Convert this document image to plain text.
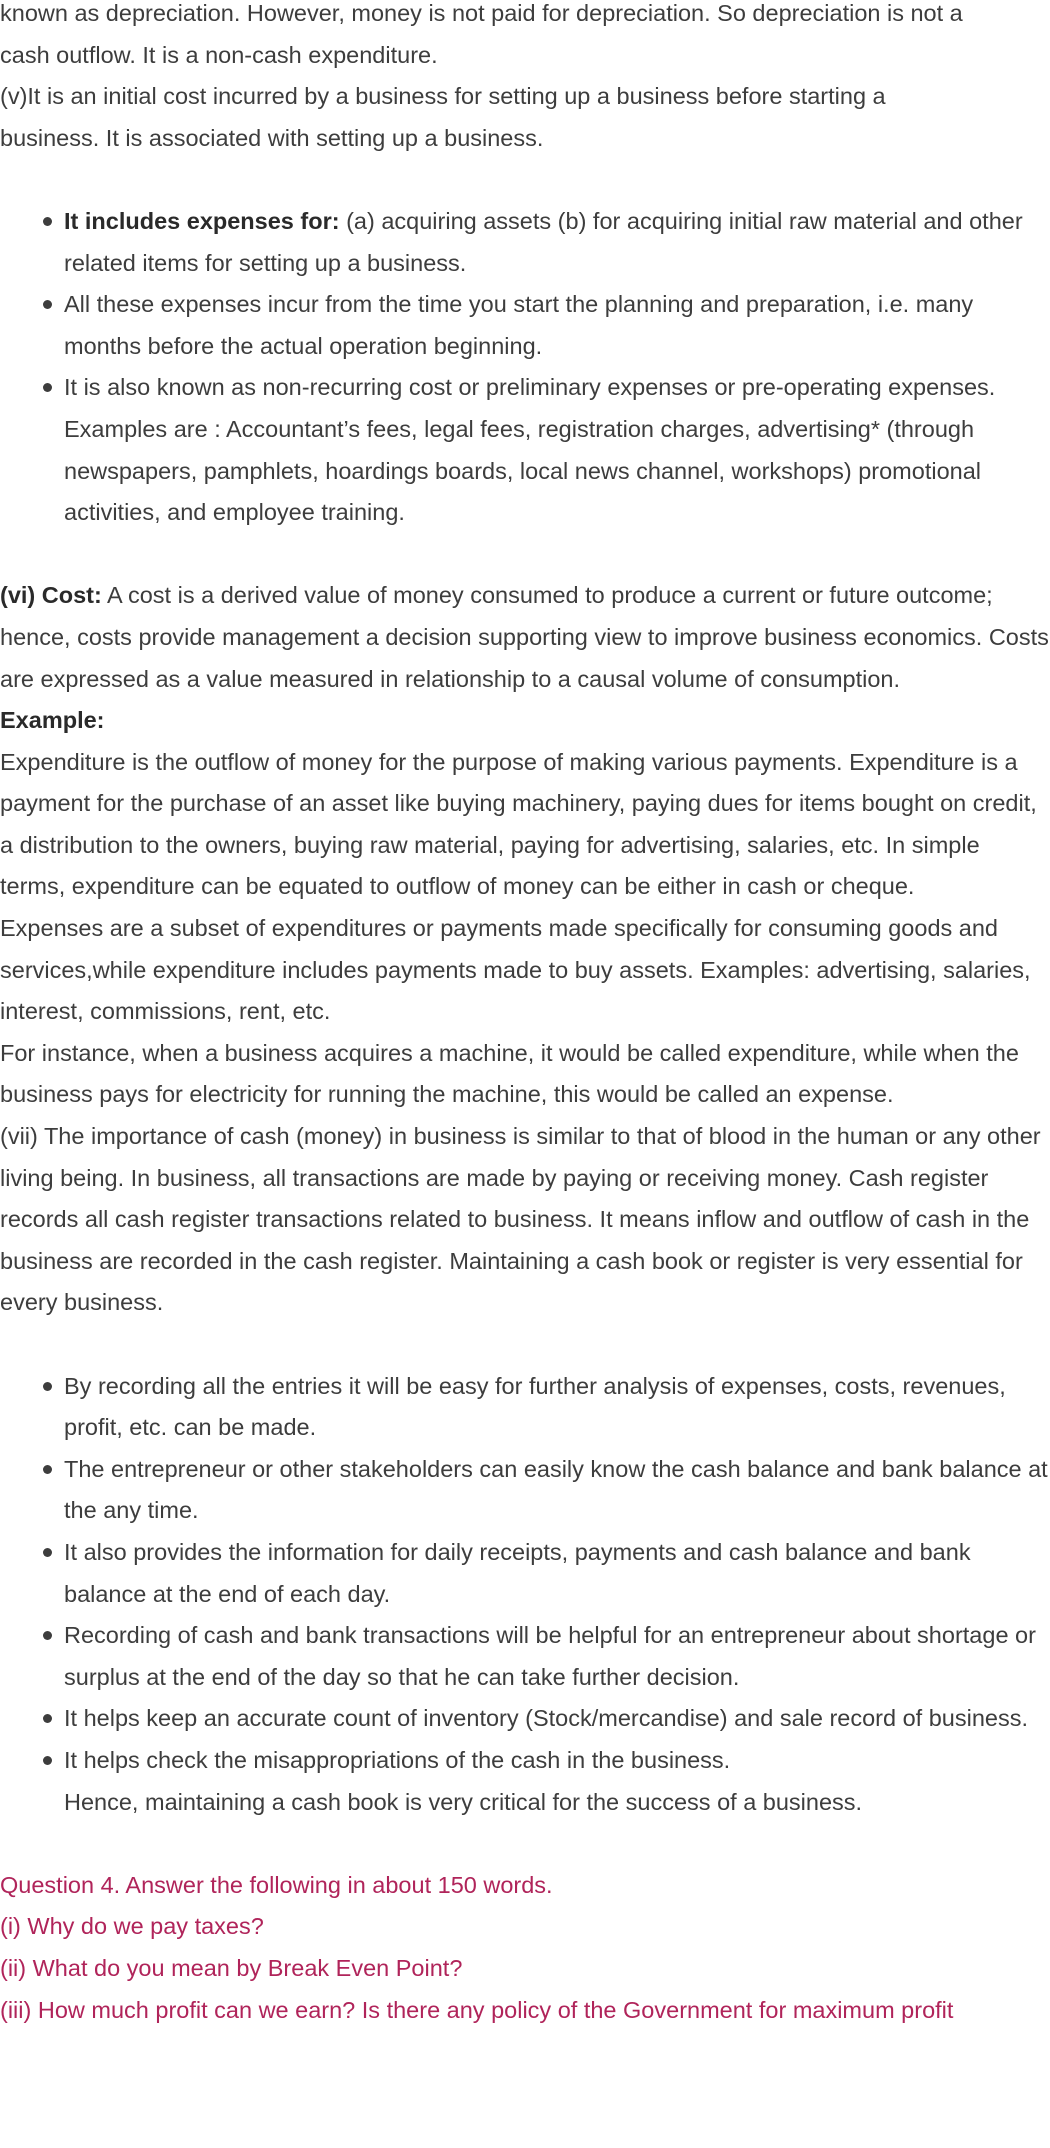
known as depreciation. However, money is not paid for depreciation. So depreciation is not a

cash outflow. It is a non-cash expenditure.

(v)It is an initial cost incurred by a business for setting up a business before starting a

business. It is associated with setting up a business.

It includes expenses for: (a) acquiring assets (b) for acquiring initial raw material and other related items for setting up a business.
All these expenses incur from the time you start the planning and preparation, i.e. many months before the actual operation beginning.
It is also known as non-recurring cost or preliminary expenses or pre-operating expenses. Examples are : Accountant’s fees, legal fees, registration charges, advertising* (through newspapers, pamphlets, hoardings boards, local news channel, workshops) promotional activities, and employee training.

(vi) Cost: A cost is a derived value of money consumed to produce a current or future outcome; hence, costs provide management a decision supporting view to improve business economics. Costs are expressed as a value measured in relationship to a causal volume of consumption.

Example:

Expenditure is the outflow of money for the purpose of making various payments. Expenditure is a payment for the purchase of an asset like buying machinery, paying dues for items bought on credit, a distribution to the owners, buying raw material, paying for advertising, salaries, etc. In simple terms, expenditure can be equated to outflow of money can be either in cash or cheque.

Expenses are a subset of expenditures or payments made specifically for consuming goods and services,while expenditure includes payments made to buy assets. Examples: advertising, salaries, interest, commissions, rent, etc.

For instance, when a business acquires a machine, it would be called expenditure, while when the business pays for electricity for running the machine, this would be called an expense.

(vii) The importance of cash (money) in business is similar to that of blood in the human or any other living being. In business, all transactions are made by paying or receiving money. Cash register records all cash register transactions related to business. It means inflow and outflow of cash in the business are recorded in the cash register. Maintaining a cash book or register is very essential for every business.

By recording all the entries it will be easy for further analysis of expenses, costs, revenues, profit, etc. can be made.
The entrepreneur or other stakeholders can easily know the cash balance and bank balance at the any time.
It also provides the information for daily receipts, payments and cash balance and bank balance at the end of each day.
Recording of cash and bank transactions will be helpful for an entrepreneur about shortage or surplus at the end of the day so that he can take further decision.
It helps keep an accurate count of inventory (Stock/mercandise) and sale record of business.
It helps check the misappropriations of the cash in the business.
Hence, maintaining a cash book is very critical for the success of a business.

Question 4. Answer the following in about 150 words.

(i) Why do we pay taxes?

(ii) What do you mean by Break Even Point?

(iii) How much profit can we earn? Is there any policy of the Government for maximum profit
